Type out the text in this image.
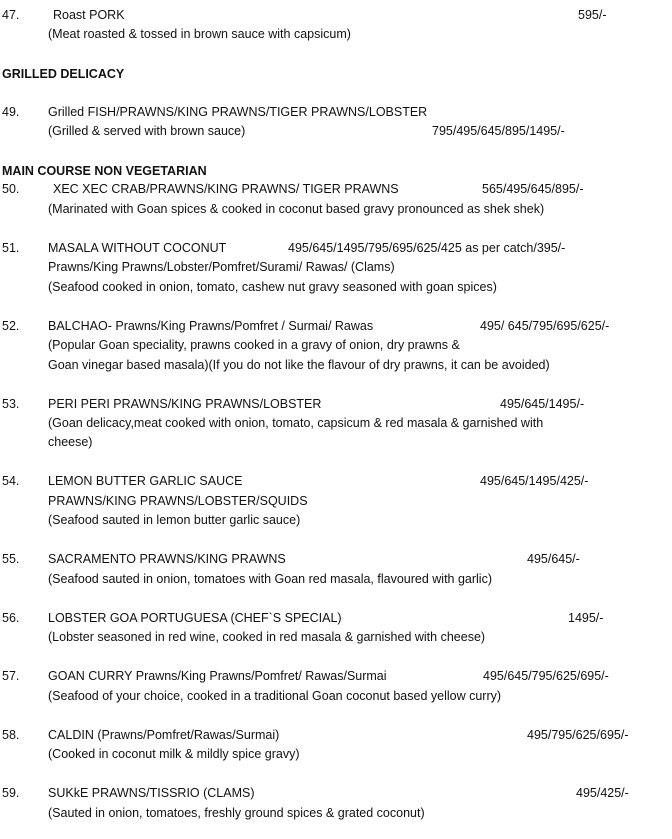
47.	Roast PORK	595/-
(Meat roasted & tossed in brown sauce with capsicum)
GRILLED DELICACY
49. Grilled FISH/PRAWNS/KING PRAWNS/TIGER PRAWNS/LOBSTER
(Grilled & served with brown sauce)	795/495/645/895/1495/-
MAIN COURSE NON VEGETARIAN
50.	XEC XEC CRAB/PRAWNS/KING PRAWNS/ TIGER PRAWNS	565/495/645/895/-
(Marinated with Goan spices & cooked in coconut based gravy pronounced as shek shek)
51. MASALA WITHOUT COCONUT	495/645/1495/795/695/625/425 as per catch/395/-
Prawns/King Prawns/Lobster/Pomfret/Surami/ Rawas/ (Clams)
(Seafood cooked in onion, tomato, cashew nut gravy seasoned with goan spices)
52. BALCHAO- Prawns/King Prawns/Pomfret / Surmai/ Rawas	495/ 645/795/695/625/-
(Popular Goan speciality, prawns cooked in a gravy of onion, dry prawns &
Goan vinegar based masala)(If you do not like the flavour of dry prawns, it can be avoided)
53. PERI PERI PRAWNS/KING PRAWNS/LOBSTER	495/645/1495/-
(Goan delicacy,meat cooked with onion, tomato, capsicum & red masala & garnished with
cheese)
54. LEMON BUTTER GARLIC SAUCE	495/645/1495/425/-
PRAWNS/KING PRAWNS/LOBSTER/SQUIDS
(Seafood sauted in lemon butter garlic sauce)
55. SACRAMENTO PRAWNS/KING PRAWNS	495/645/-
(Seafood sauted in onion, tomatoes with Goan red masala, flavoured with garlic)
56. LOBSTER GOA PORTUGUESA (CHEF`S SPECIAL)	1495/-
(Lobster seasoned in red wine, cooked in red masala & garnished with cheese)
57. GOAN CURRY Prawns/King Prawns/Pomfret/ Rawas/Surmai	495/645/795/625/695/-
(Seafood of your choice, cooked in a traditional Goan coconut based yellow curry)
58. CALDIN (Prawns/Pomfret/Rawas/Surmai)	495/795/625/695/-
(Cooked in coconut milk & mildly spice gravy)
59. SUKkE PRAWNS/TISSRIO (CLAMS)	495/425/-
(Sauted in onion, tomatoes, freshly ground spices & grated coconut)
